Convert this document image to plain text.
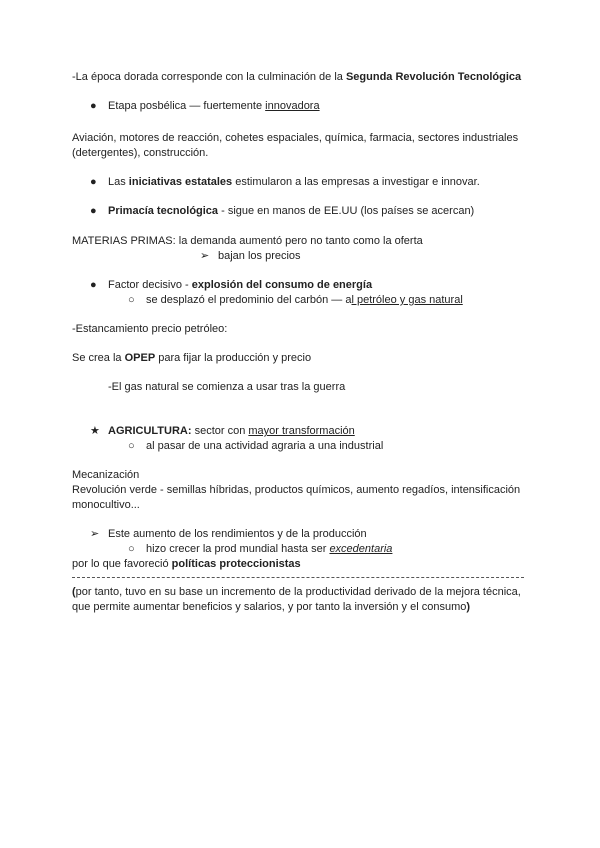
-La época dorada corresponde con la culminación de la Segunda Revolución Tecnológica
● Etapa posbélica — fuertemente innovadora
Aviación, motores de reacción, cohetes espaciales, química, farmacia, sectores industriales (detergentes), construcción.
● Las iniciativas estatales estimularon a las empresas a investigar e innovar.
● Primacía tecnológica - sigue en manos de EE.UU (los países se acercan)
MATERIAS PRIMAS: la demanda aumentó pero no tanto como la oferta
➢ bajan los precios
● Factor decisivo - explosión del consumo de energía
○ se desplazó el predominio del carbón — al petróleo y gas natural
-Estancamiento precio petróleo:
Se crea la OPEP para fijar la producción y precio
-El gas natural se comienza a usar tras la guerra
★ AGRICULTURA: sector con mayor transformación
○ al pasar de una actividad agraria a una industrial
Mecanización
Revolución verde - semillas híbridas, productos químicos, aumento regadíos, intensificación monocultivo...
➢ Este aumento de los rendimientos y de la producción
○ hizo crecer la prod mundial hasta ser excedentaria
por lo que favoreció políticas proteccionistas
(por tanto, tuvo en su base un incremento de la productividad derivado de la mejora técnica, que permite aumentar beneficios y salarios, y por tanto la inversión y el consumo)
